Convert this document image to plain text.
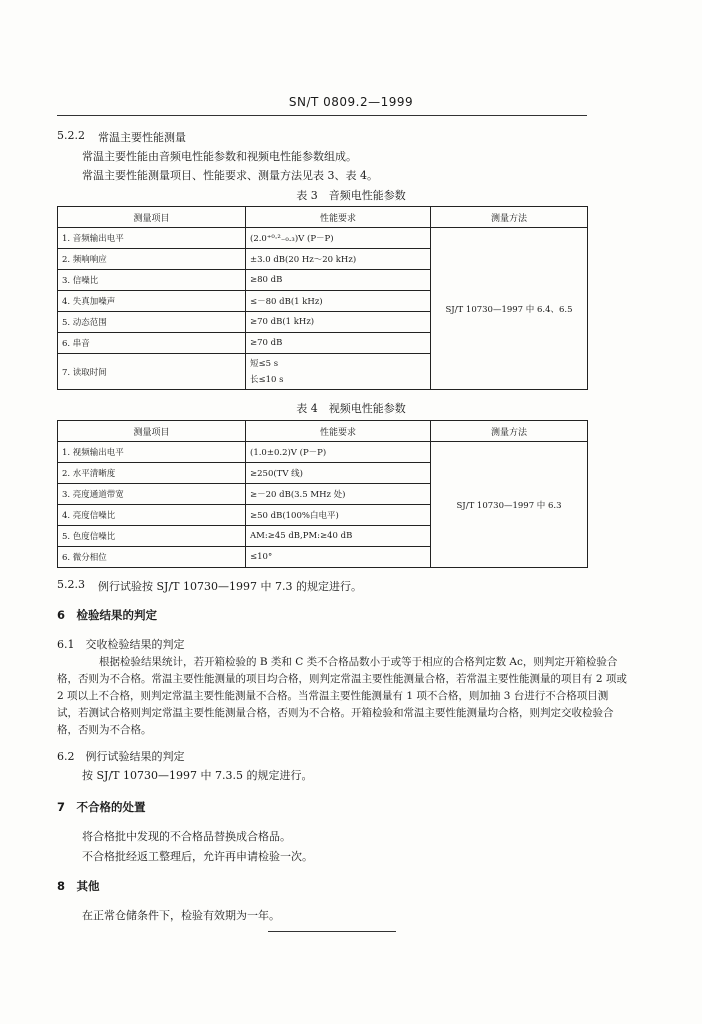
SN/T 0809.2—1999
5.2.2 常温主要性能测量
常温主要性能由音频电性能参数和视频电性能参数组成。
常温主要性能测量项目、性能要求、测量方法见表 3、表 4。
表 3　音频电性能参数
测量项目	性能要求	测量方法
1. 音频输出电平	(2.0⁺⁰·²₋₀.₃)V (P－P)	SJ/T 10730—1997 中 6.4、6.5
2. 频响响应	±3.0 dB(20 Hz～20 kHz)	
3. 信噪比	≥80 dB	
4. 失真加噪声	≤－80 dB(1 kHz)	
5. 动态范围	≥70 dB(1 kHz)	
6. 串音	≥70 dB	
7. 读取时间	短≤5 s
长≤10 s	
表 4　视频电性能参数
测量项目	性能要求	测量方法
1. 视频输出电平	(1.0±0.2)V (P－P)	SJ/T 10730—1997 中 6.3
2. 水平清晰度	≥250(TV 线)	
3. 亮度通道带宽	≥－20 dB(3.5 MHz 处)	
4. 亮度信噪比	≥50 dB(100%白电平)	
5. 色度信噪比	AM:≥45 dB,PM:≥40 dB	
6. 微分相位	≤10°	
5.2.3 例行试验按 SJ/T 10730—1997 中 7.3 的规定进行。
6　检验结果的判定
6.1　交收检验结果的判定
根据检验结果统计，若开箱检验的 B 类和 C 类不合格品数小于或等于相应的合格判定数 Ac，则判定开箱检验合格，否则为不合格。常温主要性能测量的项目均合格，则判定常温主要性能测量合格，若常温主要性能测量的项目有 2 项或 2 项以上不合格，则判定常温主要性能测量不合格。当常温主要性能测量有 1 项不合格，则加抽 3 台进行不合格项目测试，若测试合格则判定常温主要性能测量合格，否则为不合格。开箱检验和常温主要性能测量均合格，则判定交收检验合格，否则为不合格。
6.2　例行试验结果的判定
按 SJ/T 10730—1997 中 7.3.5 的规定进行。
7　不合格的处置
将合格批中发现的不合格品替换成合格品。
不合格批经返工整理后，允许再申请检验一次。
8　其他
在正常仓储条件下，检验有效期为一年。
